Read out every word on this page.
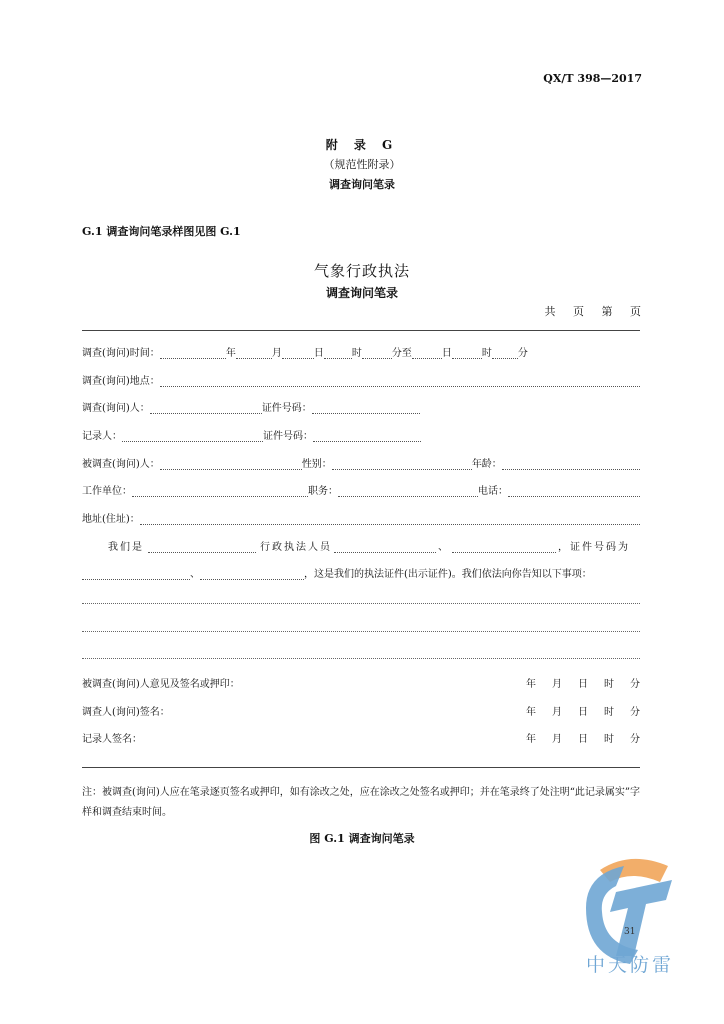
QX/T 398—2017
附 录 G
（规范性附录）
调查询问笔录
G.1 调查询问笔录样图见图 G.1
气象行政执法
调查询问笔录
共 页 第 页
调查(询问)时间：	年	月	日	时	分至	日	时	分
调查(询问)地点：
调查(询问)人：	证件号码：
记录人：	证件号码：
被调查(询问)人：	性别：	年龄：
工作单位：	职务：	电话：
地址(住址)：
我们是	行政执法人员	、	，证件号码为
、	，这是我们的执法证件(出示证件)。我们依法向你告知以下事项：
被调查(询问)人意见及签名或押印：	年 月 日 时 分
调查人(询问)签名：	年 月 日 时 分
记录人签名：	年 月 日 时 分
注：被调查(询问)人应在笔录逐页签名或押印，如有涂改之处，应在涂改之处签名或押印；并在笔录终了处注明“此记录属实”字样和调查结束时间。
图 G.1 调查询问笔录
31
中天防雷
